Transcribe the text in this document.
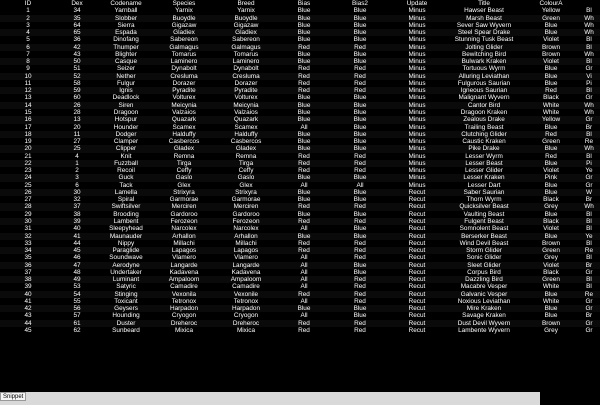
ID	Dex	Codename	Species	Breed	Bias	Bias2	Update	Title	ColourA	
1	34	Yarnball	Yarnix	Yarnix	Blue	Blue	Minus	Hawser Beast	Yellow	Bl
2	35	Slobber	Buoydle	Buoydle	Blue	Blue	Minus	Marsh Beast	Green	Wh
3	64	Sierra	Gigazaw	Gigazaw	Blue	Blue	Minus	Sever Saw Wyvern	Blue	Wh
4	65	Espada	Gladiex	Gladiex	Blue	Blue	Minus	Steel Spear Drake	Blue	Wh
5	36	Dinofang	Sabereon	Sabereon	Blue	Blue	Minus	Stunning Tusk Beast	Violet	Bl
6	42	Thumper	Galmagus	Galmagus	Red	Red	Minus	Jolting Glider	Brown	Bl
7	43	Blighter	Tomarus	Tomarus	Blue	Blue	Minus	Bewitching Bird	Brown	Wh
8	50	Casque	Laminero	Laminero	Blue	Blue	Minus	Bulwark Kraken	Violet	Bl
9	51	Seizer	Dynabolt	Dynabolt	Red	Red	Minus	Tortuous Wyrm	Blue	Gr
10	52	Nether	Cresluma	Cresluma	Red	Red	Minus	Alluring Leviathan	Blue	Vi
11	58	Fulgur	Dorazer	Dorazer	Red	Red	Minus	Fulgurous Saurian	Blue	Pi
12	59	Ignis	Pyradite	Pyradite	Red	Red	Minus	Igneous Saurian	Red	Bl
13	60	Deadlock	Volturex	Volturex	Blue	Blue	Minus	Malignant Wyvern	Black	Gr
14	26	Siren	Meicynia	Meicynia	Blue	Blue	Minus	Cantor Bird	White	Wh
15	28	Dragoon	Valzaios	Valzaios	Blue	Blue	Minus	Dragoon Kraken	White	Wh
16	13	Hotspur	Quazark	Quazark	Blue	Blue	Minus	Zealous Drake	Yellow	Gr
17	20	Hounder	Scamex	Scamex	All	Blue	Minus	Trailing Beast	Blue	Br
18	11	Dodger	Halduffy	Halduffy	Blue	Blue	Minus	Clutching Glider	Red	Bl
19	27	Clamper	Casbercos	Casbercos	Blue	Blue	Minus	Caustic Kraken	Green	Re
20	25	Clipper	Gladex	Gladex	Blue	Blue	Minus	Pike Drake	Blue	Wh
21	4	Knit	Remna	Remna	Red	Red	Minus	Lesser Wyrm	Red	Bl
22	1	Fuzzball	Tirga	Tirga	Red	Red	Minus	Lesser Beast	Blue	Pi
23	2	Recoil	Ceffy	Ceffy	Red	Red	Minus	Lesser Glider	Violet	Ye
24	3	Guck	Gaslo	Gaslo	Blue	Blue	Minus	Lesser Kraken	Pink	Gr
25	6	Tack	Glex	Glex	All	All	Minus	Lesser Dart	Blue	Gr
26	30	Lamella	Strixyra	Strixyra	Blue	Blue	Recut	Saber Saurian	Blue	W
27	32	Spiral	Garmorae	Garmorae	Blue	Blue	Recut	Thorn Wyrm	Black	Br
28	37	Swiftsilver	Merciren	Merciren	Red	Red	Recut	Quicksilver Beast	Grey	Wh
29	38	Brooding	Gardoroo	Gardoroo	Blue	Blue	Recut	Vaulting Beast	Blue	Bl
30	39	Lambent	Ferozeon	Ferozeon	Red	Red	Recut	Fulgent Beast	Black	Bl
31	40	Sleepyhead	Narcolex	Narcolex	All	Blue	Recut	Somnolent Beast	Violet	Bl
32	41	Maunauder	Arhallon	Arhallon	Blue	Blue	Recut	Berserker Beast	Blue	Ye
33	44	Nippy	Millachi	Millachi	Red	Red	Recut	Wind Devil Beast	Brown	Bl
34	45	Paraglide	Lapagos	Lapagos	Red	Red	Recut	Storm Glider	Green	Re
35	46	Soundwave	Vlamero	Vlamero	All	Red	Recut	Sonic Glider	Grey	Bl
36	47	Aerodyne	Langarde	Langarde	All	Blue	Recut	Sleet Glider	Violet	Br
37	48	Undertaker	Kadavena	Kadavena	All	Blue	Recut	Corpus Bird	Black	Gr
38	49	Luminant	Ampaloom	Ampaloom	All	Red	Recut	Dazzling Bird	Green	Bl
39	53	Satyric	Camadire	Camadire	All	Red	Recut	Macabre Vesper	White	Bl
40	54	Stinging	Vexonila	Vexonile	Red	Red	Recut	Galvanic Vesper	Blue	Re
41	55	Toxicant	Tetronox	Tetronox	All	Red	Recut	Noxious Leviathan	White	Gr
42	56	Geysers	Harpadon	Harpadon	Blue	Blue	Recut	Mire Kraken	Blue	Gr
43	57	Hounding	Cryogon	Cryogon	All	Blue	Recut	Savage Kraken	Blue	Br
44	61	Duster	Dreheroc	Dreheroc	Red	Red	Recut	Dust Devil Wyvern	Brown	Gr
45	62	Sunbeard	Mixica	Mixica	Red	Red	Recut	Lambente Wyvern	Grey	Gr
Snippet
